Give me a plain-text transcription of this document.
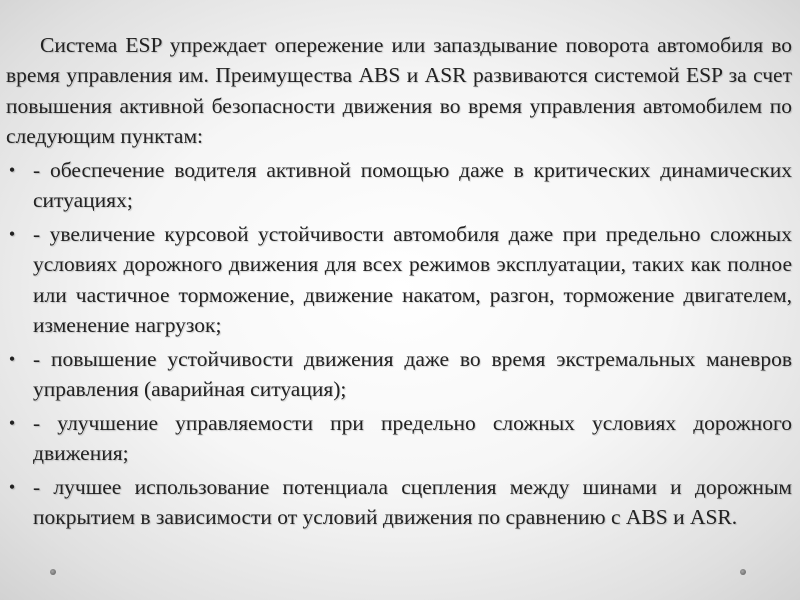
Система ESP упреждает опережение или запаздывание поворота автомобиля во время управления им. Преимущества ABS и ASR развиваются системой ESP за счет повышения активной безопасности движения во время управления автомобилем по следующим пунктам:

• - обеспечение водителя активной помощью даже в критических динамических ситуациях;
• - увеличение курсовой устойчивости автомобиля даже при предельно сложных условиях дорожного движения для всех режимов эксплуатации, таких как полное или частичное торможение, движение накатом, разгон, торможение двигателем, изменение нагрузок;
• - повышение устойчивости движения даже во время экстремальных маневров управления (аварийная ситуация);
• - улучшение управляемости при предельно сложных условиях дорожного движения;
• - лучшее использование потенциала сцепления между шинами и дорожным покрытием в зависимости от условий движения по сравнению с ABS и ASR.
